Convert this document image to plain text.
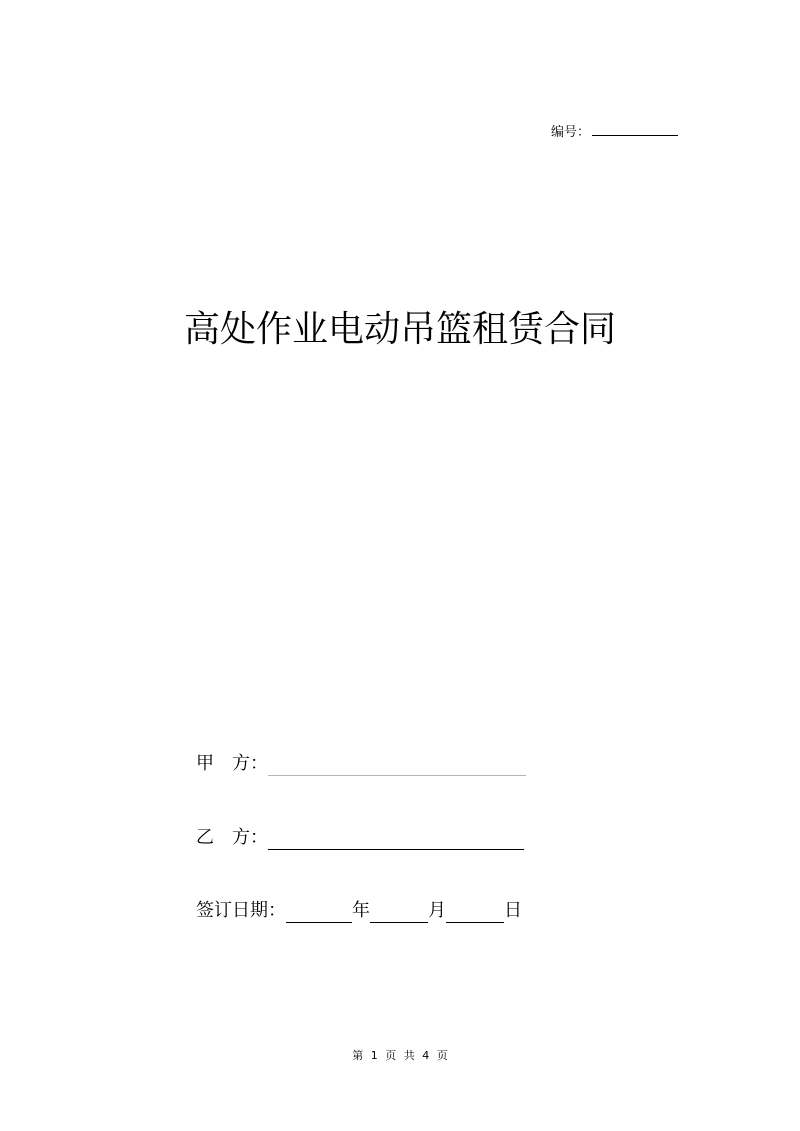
编号：
高处作业电动吊篮租赁合同
甲 方：
乙 方：
签订日期：	年	月	日
第 1 页 共 4 页
